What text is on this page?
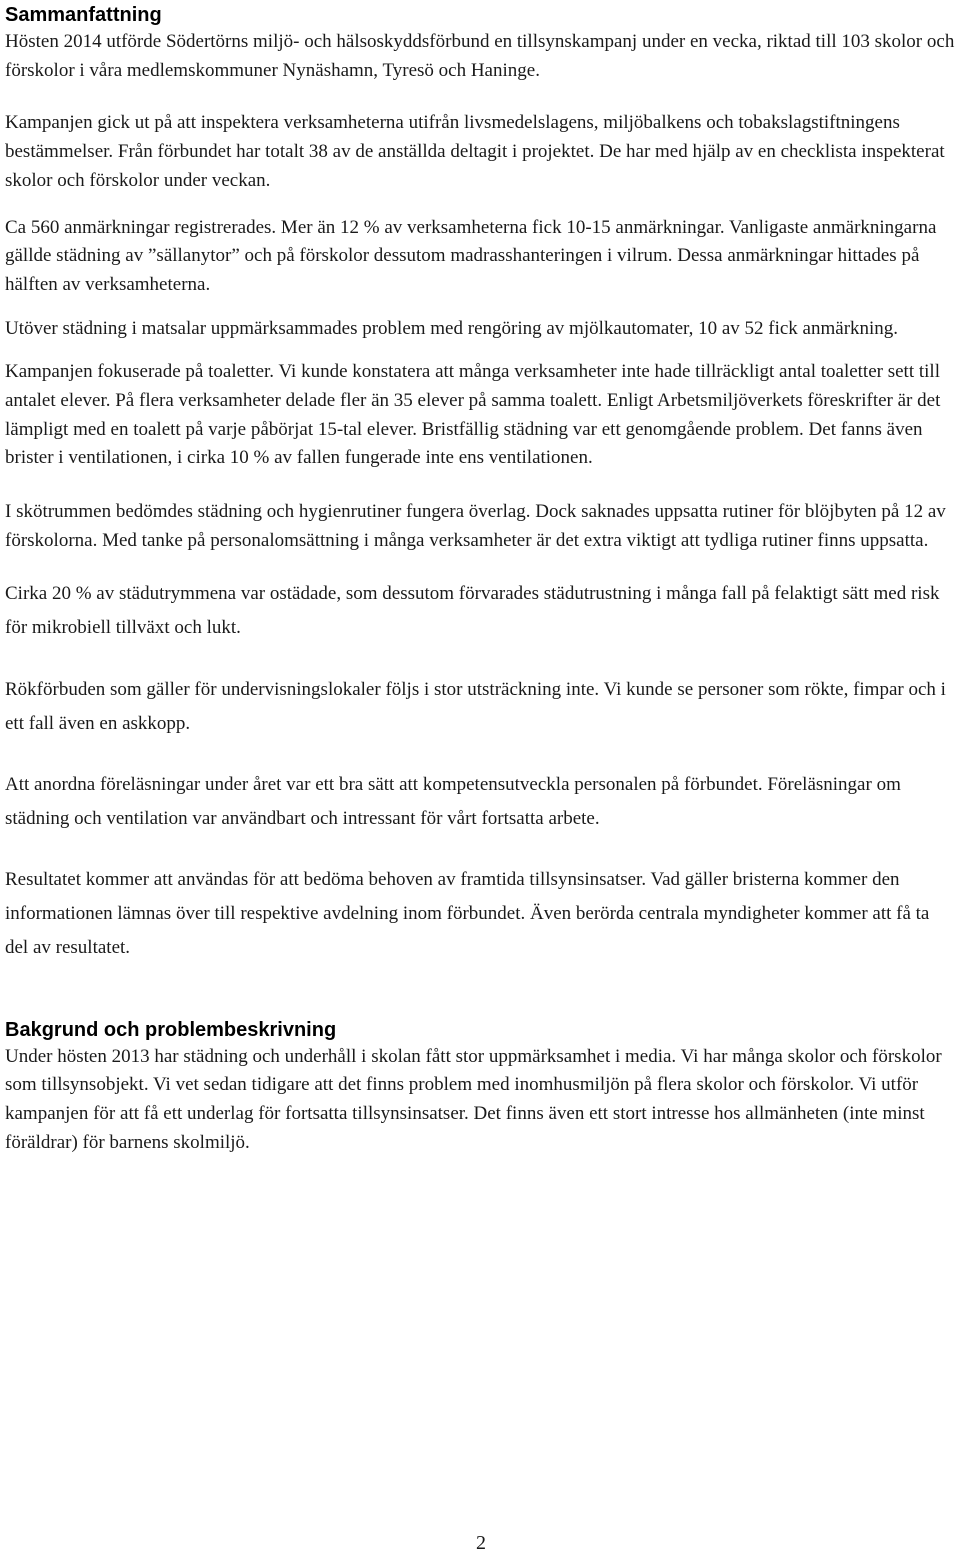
Sammanfattning

Hösten 2014 utförde Södertörns miljö- och hälsoskyddsförbund en tillsynskampanj under en vecka, riktad till 103 skolor och förskolor i våra medlemskommuner Nynäshamn, Tyresö och Haninge.

Kampanjen gick ut på att inspektera verksamheterna utifrån livsmedelslagens, miljöbalkens och tobakslagstiftningens bestämmelser. Från förbundet har totalt 38 av de anställda deltagit i projektet. De har med hjälp av en checklista inspekterat skolor och förskolor under veckan.

Ca 560 anmärkningar registrerades. Mer än 12 % av verksamheterna fick 10-15 anmärkningar. Vanligaste anmärkningarna gällde städning av ”sällanytor” och på förskolor dessutom madrasshanteringen i vilrum. Dessa anmärkningar hittades på hälften av verksamheterna.

Utöver städning i matsalar uppmärksammades problem med rengöring av mjölkautomater, 10 av 52 fick anmärkning.

Kampanjen fokuserade på toaletter. Vi kunde konstatera att många verksamheter inte hade tillräckligt antal toaletter sett till antalet elever. På flera verksamheter delade fler än 35 elever på samma toalett. Enligt Arbetsmiljöverkets föreskrifter är det lämpligt med en toalett på varje påbörjat 15-tal elever. Bristfällig städning var ett genomgående problem. Det fanns även brister i ventilationen, i cirka 10 % av fallen fungerade inte ens ventilationen.

I skötrummen bedömdes städning och hygienrutiner fungera överlag. Dock saknades uppsatta rutiner för blöjbyten på 12 av förskolorna. Med tanke på personalomsättning i många verksamheter är det extra viktigt att tydliga rutiner finns uppsatta.

Cirka 20 % av städutrymmena var ostädade, som dessutom förvarades städutrustning i många fall på felaktigt sätt med risk för mikrobiell tillväxt och lukt.

Rökförbuden som gäller för undervisningslokaler följs i stor utsträckning inte. Vi kunde se personer som rökte, fimpar och i ett fall även en askkopp.

Att anordna föreläsningar under året var ett bra sätt att kompetensutveckla personalen på förbundet. Föreläsningar om städning och ventilation var användbart och intressant för vårt fortsatta arbete.

Resultatet kommer att användas för att bedöma behoven av framtida tillsynsinsatser. Vad gäller bristerna kommer den informationen lämnas över till respektive avdelning inom förbundet. Även berörda centrala myndigheter kommer att få ta del av resultatet.

Bakgrund och problembeskrivning

Under hösten 2013 har städning och underhåll i skolan fått stor uppmärksamhet i media. Vi har många skolor och förskolor som tillsynsobjekt. Vi vet sedan tidigare att det finns problem med inomhusmiljön på flera skolor och förskolor. Vi utför kampanjen för att få ett underlag för fortsatta tillsynsinsatser. Det finns även ett stort intresse hos allmänheten (inte minst föräldrar) för barnens skolmiljö.

2
